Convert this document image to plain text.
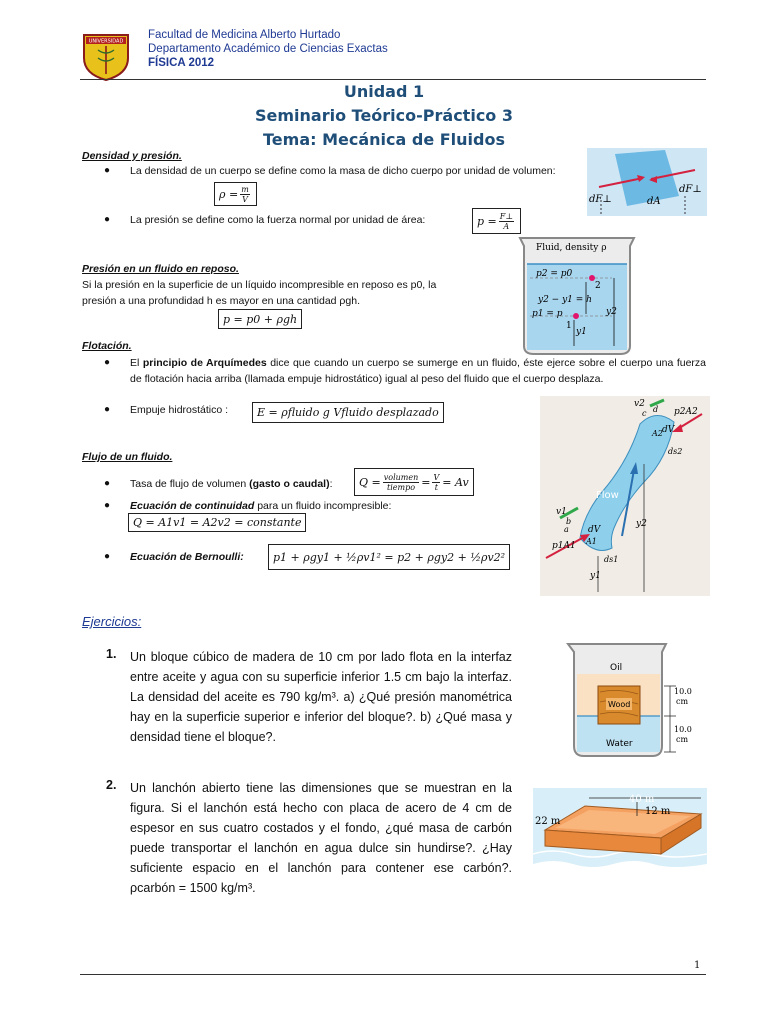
UNIVERSIDAD
Facultad de Medicina Alberto Hurtado
Departamento Académico de Ciencias Exactas
FÍSICA 2012
Unidad 1
Seminario Teórico-Práctico 3
Tema: Mecánica de Fluidos
Densidad y presión.
● La densidad de un cuerpo se define como la masa de dicho cuerpo por unidad de volumen:
$\rho = \frac{m}{V}$
● La presión se define como la fuerza normal por unidad de área:	$p = \frac{F\perp}{A}$
dF⊥	dA
dF⊥
Fluid, density ρ
p2 = p0
2
y2 − y1 = h
p1 = p
1
y1
y2
Presión en un fluido en reposo.
Si la presión en la superficie de un líquido incompresible en reposo es p0, la presión a una profundidad h es mayor en una cantidad ρgh.
p = p0 + ρgh
Flotación.
● El principio de Arquímedes dice que cuando un cuerpo se sumerge en un fluido, éste ejerce sobre el cuerpo una fuerza de flotación hacia arriba (llamada empuje hidrostático) igual al peso del fluido que el cuerpo desplaza.
● Empuje hidrostático :	E = ρfluido g Vfluido desplazado
v2
d
c	p2A2
A2 dV
ds2
Flow
v1
b
a dV
p1A1 A1
ds1
y1
y2
Flujo de un fluido.
● Tasa de flujo de volumen (gasto o caudal): $Q = \frac{\text{volumen}}{\text{tiempo}} = \frac{V}{t} = Av$
● Ecuación de continuidad para un fluido incompresible:
Q = A1v1 = A2v2 = constante
● Ecuación de Bernoulli:	p1 + ρgy1 + ½ρv1² = p2 + ρgy2 + ½ρv2²
Ejercicios:
1. Un bloque cúbico de madera de 10 cm por lado flota en la interfaz entre aceite y agua con su superficie inferior 1.5 cm bajo la interfaz. La densidad del aceite es 790 kg/m³. a) ¿Qué presión manométrica hay en la superficie superior e inferior del bloque?. b) ¿Qué masa y densidad tiene el bloque?.
Oil
Wood
Water
10.0
cm
10.0
cm
2. Un lanchón abierto tiene las dimensiones que se muestran en la figura. Si el lanchón está hecho con placa de acero de 4 cm de espesor en sus cuatro costados y el fondo, ¿qué masa de carbón puede transportar el lanchón en agua dulce sin hundirse?. ¿Hay suficiente espacio en el lanchón para contener ese carbón?. ρcarbón = 1500 kg/m³.
40 m
12 m
22 m
1
